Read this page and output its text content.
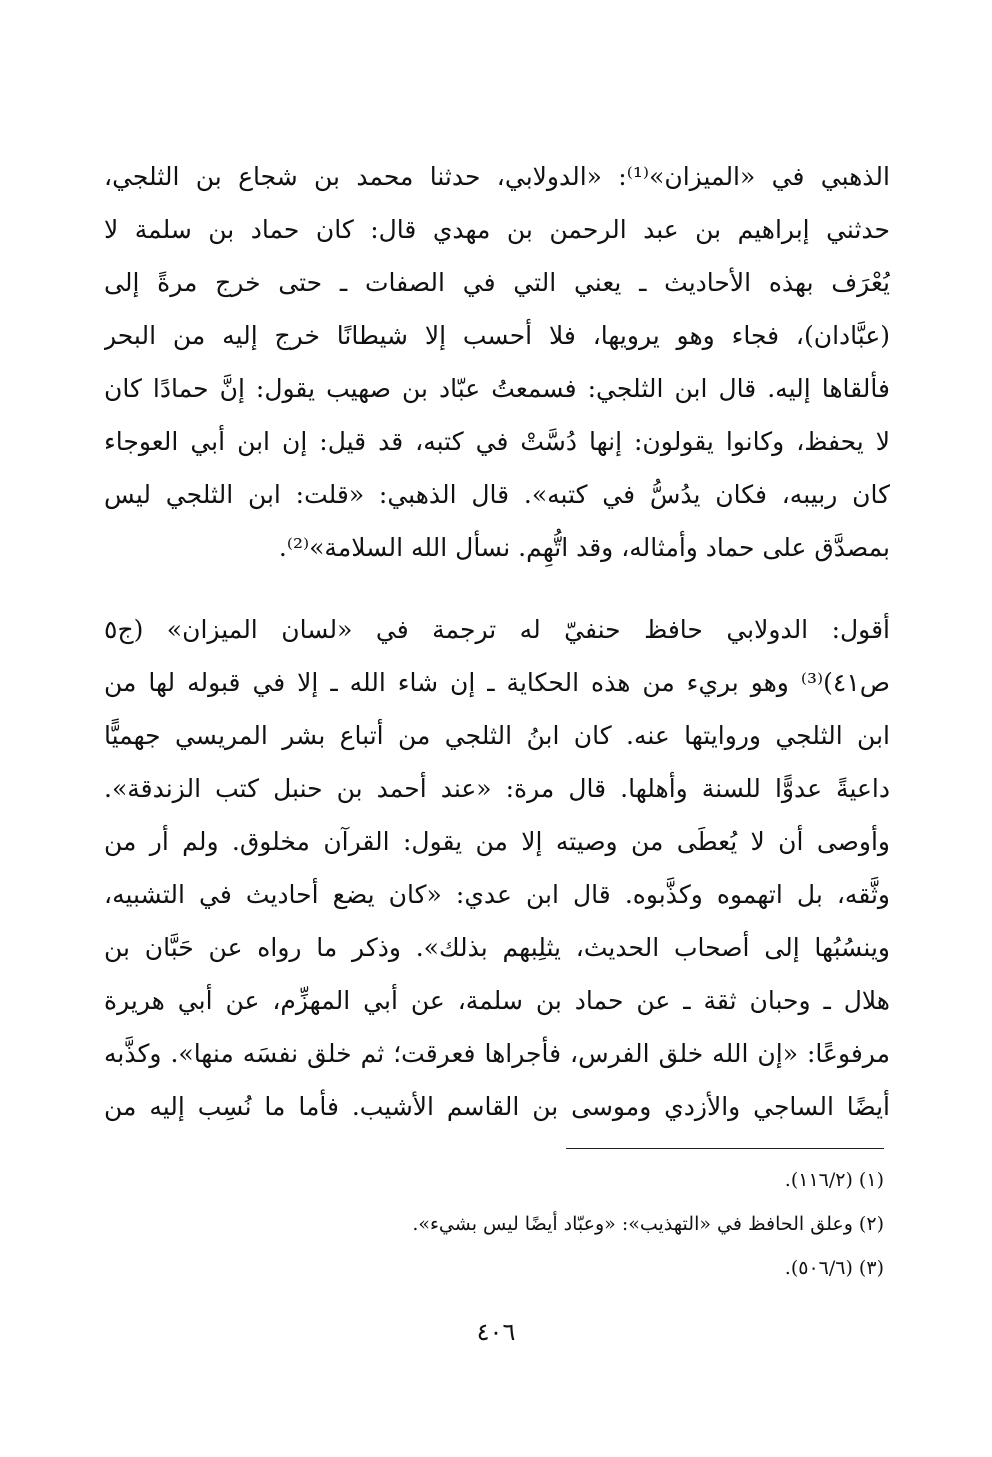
الذهبي في «الميزان»⁽¹⁾: «الدولابي، حدثنا محمد بن شجاع بن الثلجي،
حدثني إبراهيم بن عبد الرحمن بن مهدي قال: كان حماد بن سلمة لا
يُعْرَف بهذه الأحاديث ـ يعني التي في الصفات ـ حتى خرج مرةً إلى
(عبَّادان)، فجاء وهو يرويها، فلا أحسب إلا شيطانًا خرج إليه من البحر
فألقاها إليه. قال ابن الثلجي: فسمعتُ عبّاد بن صهيب يقول: إنَّ حمادًا كان
لا يحفظ، وكانوا يقولون: إنها دُسَّتْ في كتبه، قد قيل: إن ابن أبي العوجاء
كان ربيبه، فكان يدُسُّ في كتبه». قال الذهبي: «قلت: ابن الثلجي ليس
بمصدَّق على حماد وأمثاله، وقد اتُّهِم. نسأل الله السلامة»⁽²⁾.
أقول: الدولابي حافظ حنفيّ له ترجمة في «لسان الميزان» (ج٥
ص٤١)⁽³⁾ وهو بريء من هذه الحكاية ـ إن شاء الله ـ إلا في قبوله لها من
ابن الثلجي وروايتها عنه. كان ابنُ الثلجي من أتباع بشر المريسي جهميًّا
داعيةً عدوًّا للسنة وأهلها. قال مرة: «عند أحمد بن حنبل كتب الزندقة».
وأوصى أن لا يُعطَى من وصيته إلا من يقول: القرآن مخلوق. ولم أر من
وثَّقه، بل اتهموه وكذَّبوه. قال ابن عدي: «كان يضع أحاديث في التشبيه،
وينسُبُها إلى أصحاب الحديث، يثلِبهم بذلك». وذكر ما رواه عن حَبَّان بن
هلال ـ وحبان ثقة ـ عن حماد بن سلمة، عن أبي المهزِّم، عن أبي هريرة
مرفوعًا: «إن الله خلق الفرس، فأجراها فعرقت؛ ثم خلق نفسَه منها». وكذَّبه
أيضًا الساجي والأزدي وموسى بن القاسم الأشيب. فأما ما نُسِب إليه من
(١) (١١٦/٢).
(٢) وعلق الحافظ في «التهذيب»: «وعبّاد أيضًا ليس بشيء».
(٣) (٥٠٦/٦).
٤٠٦
